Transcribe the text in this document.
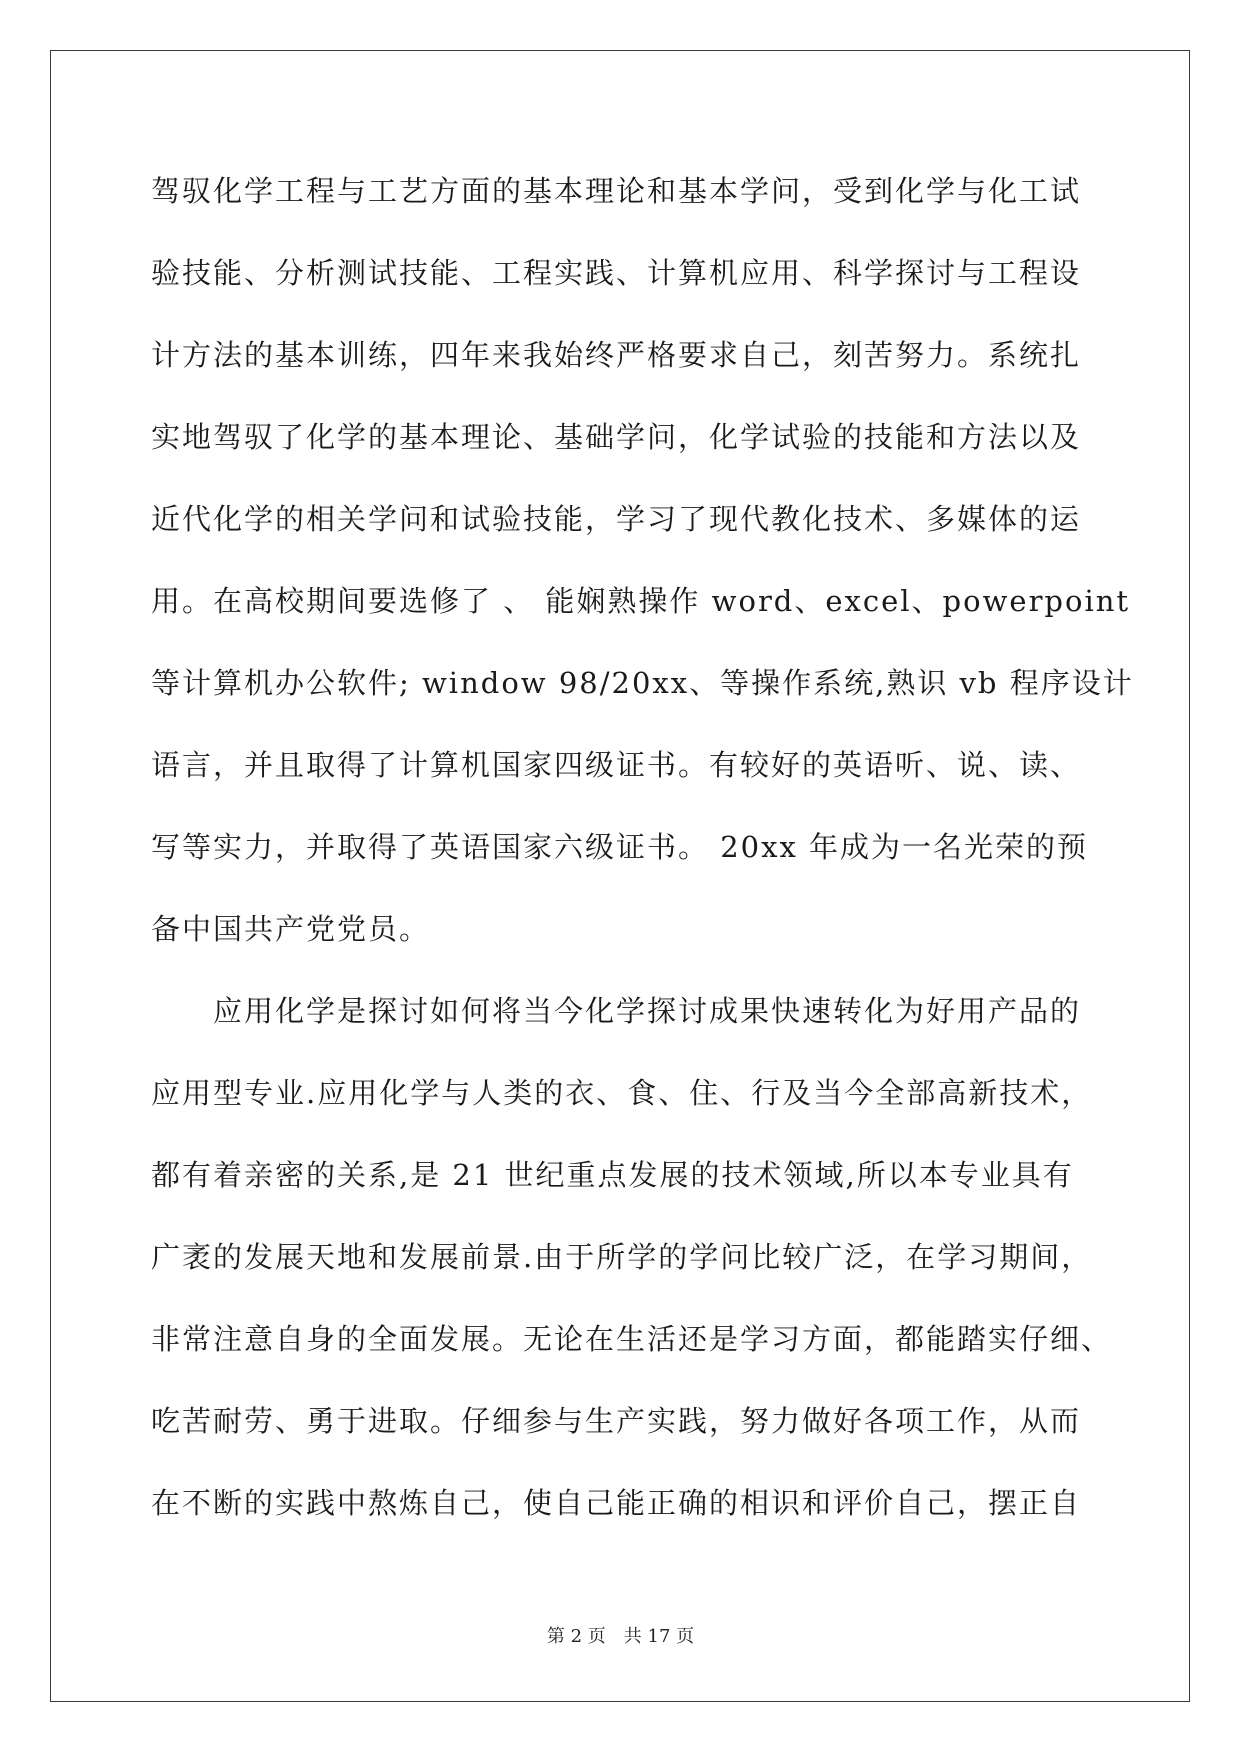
驾驭化学工程与工艺方面的基本理论和基本学问，受到化学与化工试
验技能、分析测试技能、工程实践、计算机应用、科学探讨与工程设
计方法的基本训练，四年来我始终严格要求自己，刻苦努力。系统扎
实地驾驭了化学的基本理论、基础学问，化学试验的技能和方法以及
近代化学的相关学问和试验技能，学习了现代教化技术、多媒体的运
用。在高校期间要选修了 、 能娴熟操作 word、excel、powerpoint
等计算机办公软件; window 98/20xx、等操作系统,熟识 vb 程序设计
语言，并且取得了计算机国家四级证书。有较好的英语听、说、读、
写等实力，并取得了英语国家六级证书。 20xx 年成为一名光荣的预
备中国共产党党员。
　　应用化学是探讨如何将当今化学探讨成果快速转化为好用产品的
应用型专业.应用化学与人类的衣、食、住、行及当今全部高新技术，
都有着亲密的关系,是 21 世纪重点发展的技术领域,所以本专业具有
广袤的发展天地和发展前景.由于所学的学问比较广泛，在学习期间，
非常注意自身的全面发展。无论在生活还是学习方面，都能踏实仔细、
吃苦耐劳、勇于进取。仔细参与生产实践，努力做好各项工作，从而
在不断的实践中熬炼自己，使自己能正确的相识和评价自己，摆正自
第 2 页　共 17 页
